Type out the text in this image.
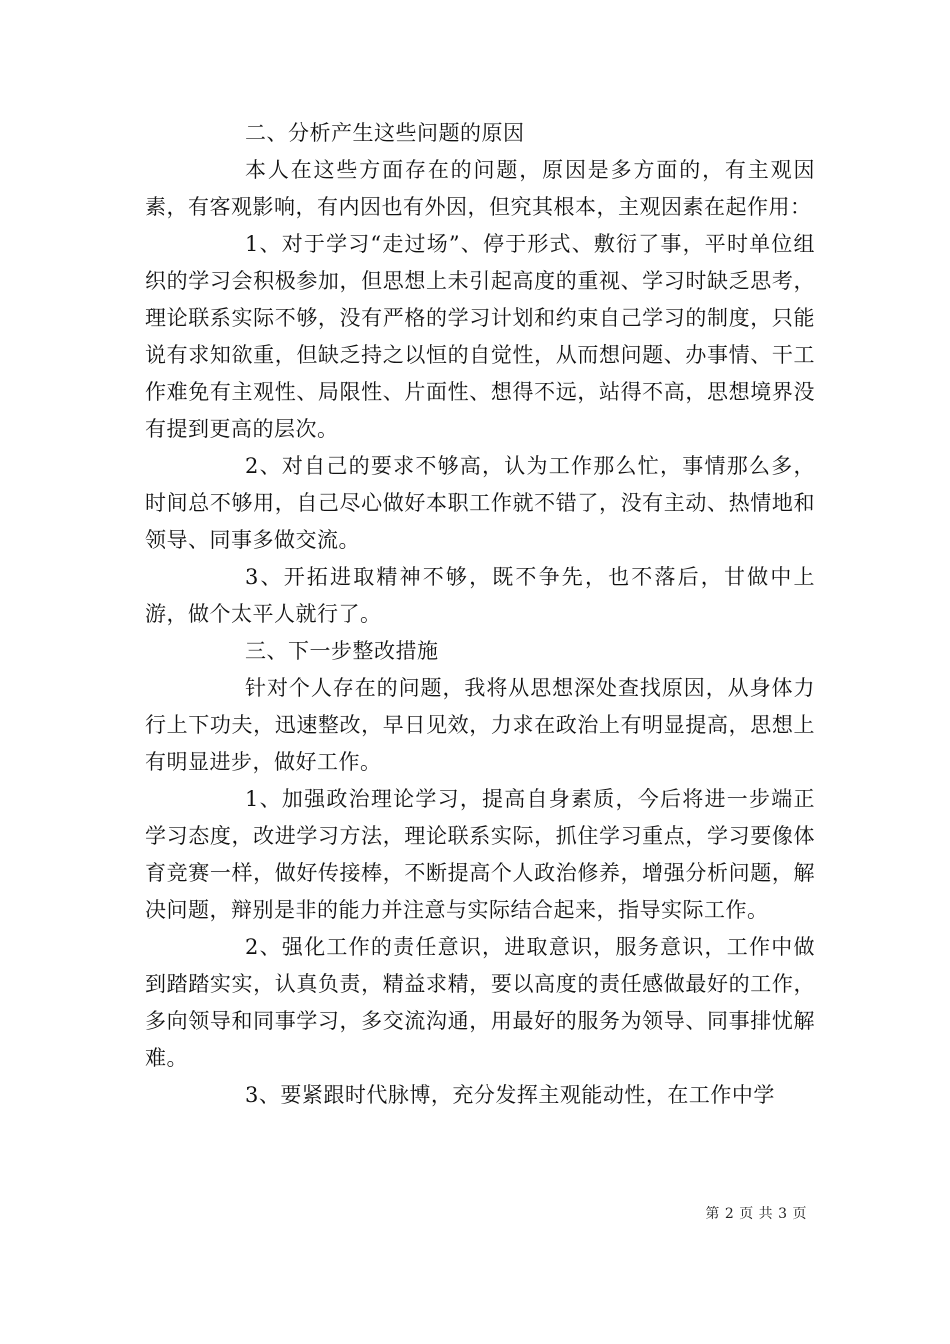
二、分析产生这些问题的原因

本人在这些方面存在的问题，原因是多方面的，有主观因素，有客观影响，有内因也有外因，但究其根本，主观因素在起作用：

1、对于学习“走过场”、停于形式、敷衍了事，平时单位组织的学习会积极参加，但思想上未引起高度的重视、学习时缺乏思考，理论联系实际不够，没有严格的学习计划和约束自己学习的制度，只能说有求知欲重，但缺乏持之以恒的自觉性，从而想问题、办事情、干工作难免有主观性、局限性、片面性、想得不远，站得不高，思想境界没有提到更高的层次。

2、对自己的要求不够高，认为工作那么忙，事情那么多，时间总不够用，自己尽心做好本职工作就不错了，没有主动、热情地和领导、同事多做交流。

3、开拓进取精神不够，既不争先，也不落后，甘做中上游，做个太平人就行了。

三、下一步整改措施

针对个人存在的问题，我将从思想深处查找原因，从身体力行上下功夫，迅速整改，早日见效，力求在政治上有明显提高，思想上有明显进步，做好工作。

1、加强政治理论学习，提高自身素质，今后将进一步端正学习态度，改进学习方法，理论联系实际，抓住学习重点，学习要像体育竞赛一样，做好传接棒，不断提高个人政治修养，增强分析问题，解决问题，辩别是非的能力并注意与实际结合起来，指导实际工作。

2、强化工作的责任意识，进取意识，服务意识，工作中做到踏踏实实，认真负责，精益求精，要以高度的责任感做最好的工作，多向领导和同事学习，多交流沟通，用最好的服务为领导、同事排忧解难。

3、要紧跟时代脉博，充分发挥主观能动性，在工作中学

第 2 页 共 3 页
